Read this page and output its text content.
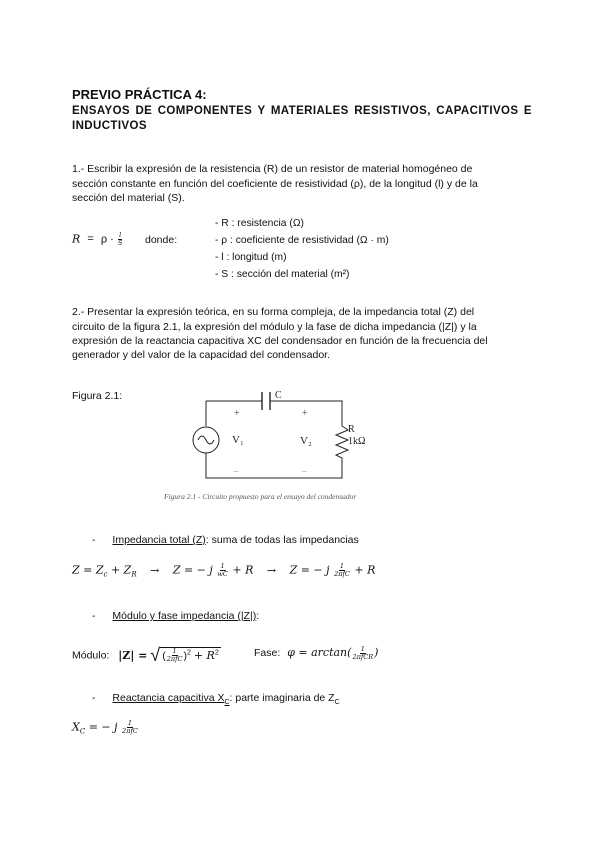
PREVIO PRÁCTICA 4:
ENSAYOS DE COMPONENTES Y MATERIALES RESISTIVOS, CAPACITIVOS E
INDUCTIVOS
1.- Escribir la expresión de la resistencia (R) de un resistor de material homogéneo de
sección constante en función del coeficiente de resistividad (ρ), de la longitud (l) y de la
sección del material (S).
$R = \rho \cdot \frac{l}{S}$ donde:
- R : resistencia (Ω)
- ρ : coeficiente de resistividad (Ω · m)
- l : longitud (m)
- S : sección del material (m²)
2.- Presentar la expresión teórica, en su forma compleja, de la impedancia total (Z) del
circuito de la figura 2.1, la expresión del módulo y la fase de dicha impedancia (|Z|) y la
expresión de la reactancia capacitiva XC del condensador en función de la frecuencia del
generador y del valor de la capacidad del condensador.
Figura 2.1:	C
+	+
V₁	V₂
R
1kΩ
–	–
Figura 2.1 - Circuito propuesto para el ensayo del condensador
- Impedancia total (Z): suma de todas las impedancias
$Z = Z_c + Z_R \to Z$ = − j $\frac{1}{wC} + R \to Z$ = − j $\frac{1}{\text{2πfC}} + R$
- Módulo y fase impedancia (|Z|):
Módulo: |Z| = √ ( $\frac{1}{\text{2πfC}} )^2 + R^2$	Fase: $\varphi = \arctan( \frac{1}{\text{2πfCR}}$ )
- Reactancia capacitiva $X_C$: parte imaginaria de $Z_C$
$X_C$ = − j $\frac{1}{\text{2πfC}}$
